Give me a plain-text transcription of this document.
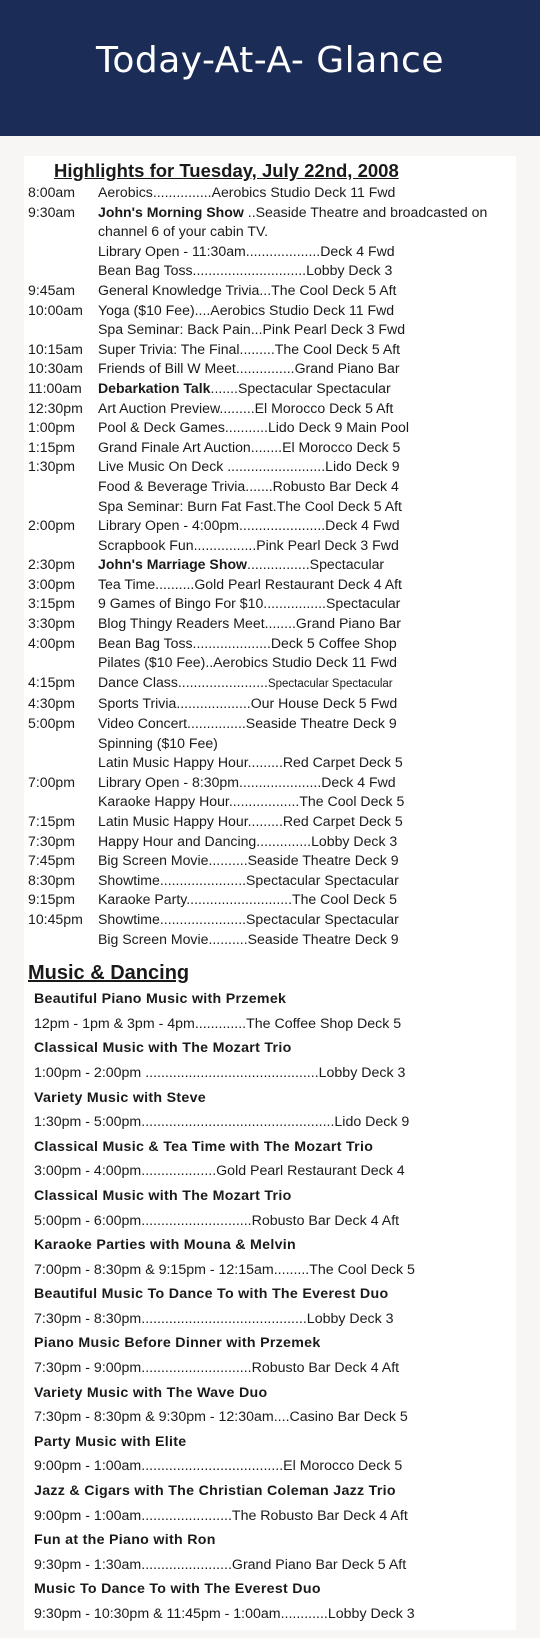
Today-At-A- Glance
Highlights for Tuesday, July 22nd, 2008
8:00am	Aerobics...............Aerobics Studio Deck 11 Fwd
9:30am	John's Morning Show ..Seaside Theatre and broadcasted on channel 6 of your cabin TV.
Library Open - 11:30am...................Deck 4 Fwd
Bean Bag Toss.............................Lobby Deck 3
9:45am	General Knowledge Trivia...The Cool Deck 5 Aft
10:00am	Yoga ($10 Fee)....Aerobics Studio Deck 11 Fwd
Spa Seminar: Back Pain...Pink Pearl Deck 3 Fwd
10:15am	Super Trivia: The Final.........The Cool Deck 5 Aft
10:30am	Friends of Bill W Meet...............Grand Piano Bar
11:00am	Debarkation Talk.......Spectacular Spectacular
12:30pm	Art Auction Preview.........El Morocco Deck 5 Aft
1:00pm	Pool & Deck Games...........Lido Deck 9 Main Pool
1:15pm	Grand Finale Art Auction........El Morocco Deck 5
1:30pm	Live Music On Deck .........................Lido Deck 9
Food & Beverage Trivia.......Robusto Bar Deck 4
Spa Seminar: Burn Fat Fast.The Cool Deck 5 Aft
2:00pm	Library Open - 4:00pm......................Deck 4 Fwd
Scrapbook Fun................Pink Pearl Deck 3 Fwd
2:30pm	John's Marriage Show................Spectacular
3:00pm	Tea Time..........Gold Pearl Restaurant Deck 4 Aft
3:15pm	9 Games of Bingo For $10................Spectacular
3:30pm	Blog Thingy Readers Meet........Grand Piano Bar
4:00pm	Bean Bag Toss....................Deck 5 Coffee Shop
Pilates ($10 Fee)..Aerobics Studio Deck 11 Fwd
4:15pm	Dance Class.......................Spectacular Spectacular
4:30pm	Sports Trivia...................Our House Deck 5 Fwd
5:00pm	Video Concert...............Seaside Theatre Deck 9
Spinning ($10 Fee)
Latin Music Happy Hour.........Red Carpet Deck 5
7:00pm	Library Open - 8:30pm.....................Deck 4 Fwd
Karaoke Happy Hour..................The Cool Deck 5
7:15pm	Latin Music Happy Hour.........Red Carpet Deck 5
7:30pm	Happy Hour and Dancing..............Lobby Deck 3
7:45pm	Big Screen Movie..........Seaside Theatre Deck 9
8:30pm	Showtime......................Spectacular Spectacular
9:15pm	Karaoke Party...........................The Cool Deck 5
10:45pm	Showtime......................Spectacular Spectacular
Big Screen Movie..........Seaside Theatre Deck 9
Music & Dancing
Beautiful Piano Music with Przemek
12pm - 1pm & 3pm - 4pm.............The Coffee Shop Deck 5
Classical Music with The Mozart Trio
1:00pm - 2:00pm ............................................Lobby Deck 3
Variety Music with Steve
1:30pm - 5:00pm.................................................Lido Deck 9
Classical Music & Tea Time with The Mozart Trio
3:00pm - 4:00pm...................Gold Pearl Restaurant Deck 4
Classical Music with The Mozart Trio
5:00pm - 6:00pm............................Robusto Bar Deck 4 Aft
Karaoke Parties with Mouna & Melvin
7:00pm - 8:30pm & 9:15pm - 12:15am.........The Cool Deck 5
Beautiful Music To Dance To with The Everest Duo
7:30pm - 8:30pm..........................................Lobby Deck 3
Piano Music Before Dinner with Przemek
7:30pm - 9:00pm............................Robusto Bar Deck 4 Aft
Variety Music with The Wave Duo
7:30pm - 8:30pm & 9:30pm - 12:30am....Casino Bar Deck 5
Party Music with Elite
9:00pm - 1:00am....................................El Morocco Deck 5
Jazz & Cigars with The Christian Coleman Jazz Trio
9:00pm - 1:00am.......................The Robusto Bar Deck 4 Aft
Fun at the Piano with Ron
9:30pm - 1:30am.......................Grand Piano Bar Deck 5 Aft
Music To Dance To with The Everest Duo
9:30pm - 10:30pm & 11:45pm - 1:00am............Lobby Deck 3
